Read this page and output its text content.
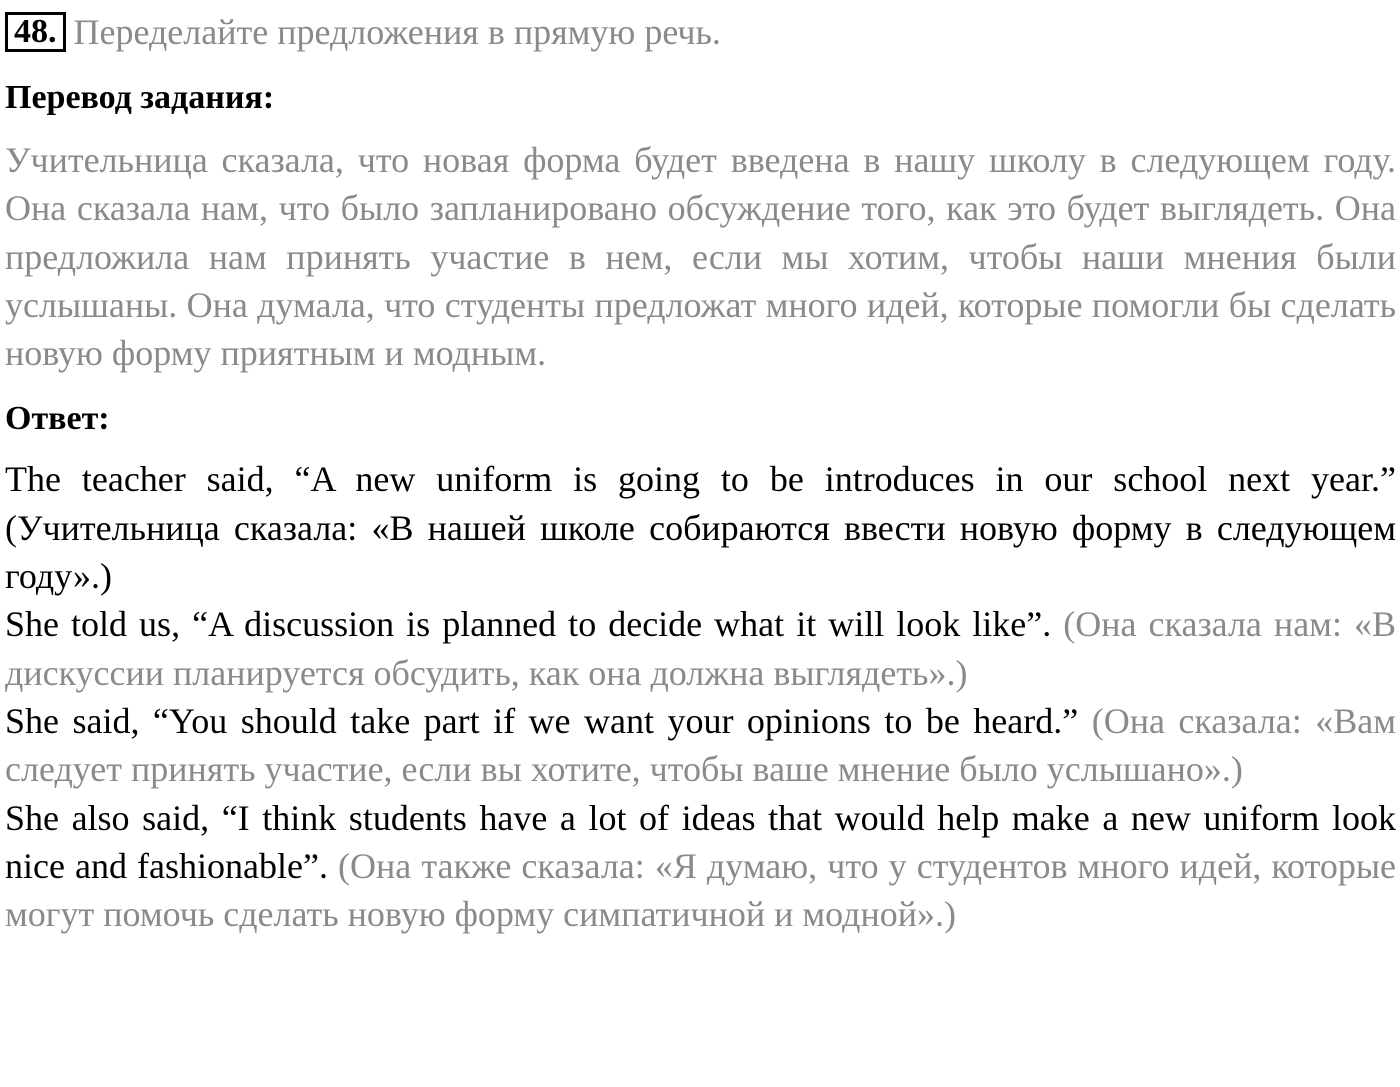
48. Переделайте предложения в прямую речь.
Перевод задания:

Учительница сказала, что новая форма будет введена в нашу школу в следующем году. Она сказала нам, что было запланировано обсуждение того, как это будет выглядеть. Она предложила нам принять участие в нем, если мы хотим, чтобы наши мнения были услышаны. Она думала, что студенты предложат много идей, которые помогли бы сделать новую форму приятным и модным.

Ответ:

The teacher said, “A new uniform is going to be introduces in our school next year.” (Учительница сказала: «В нашей школе собираются ввести новую форму в следующем году».)

She told us, “A discussion is planned to decide what it will look like”. (Она сказала нам: «В дискуссии планируется обсудить, как она должна выглядеть».)

She said, “You should take part if we want your opinions to be heard.” (Она сказала: «Вам следует принять участие, если вы хотите, чтобы ваше мнение было услышано».)

She also said, “I think students have a lot of ideas that would help make a new uniform look nice and fashionable”. (Она также сказала: «Я думаю, что у студентов много идей, которые могут помочь сделать новую форму симпатичной и модной».)
